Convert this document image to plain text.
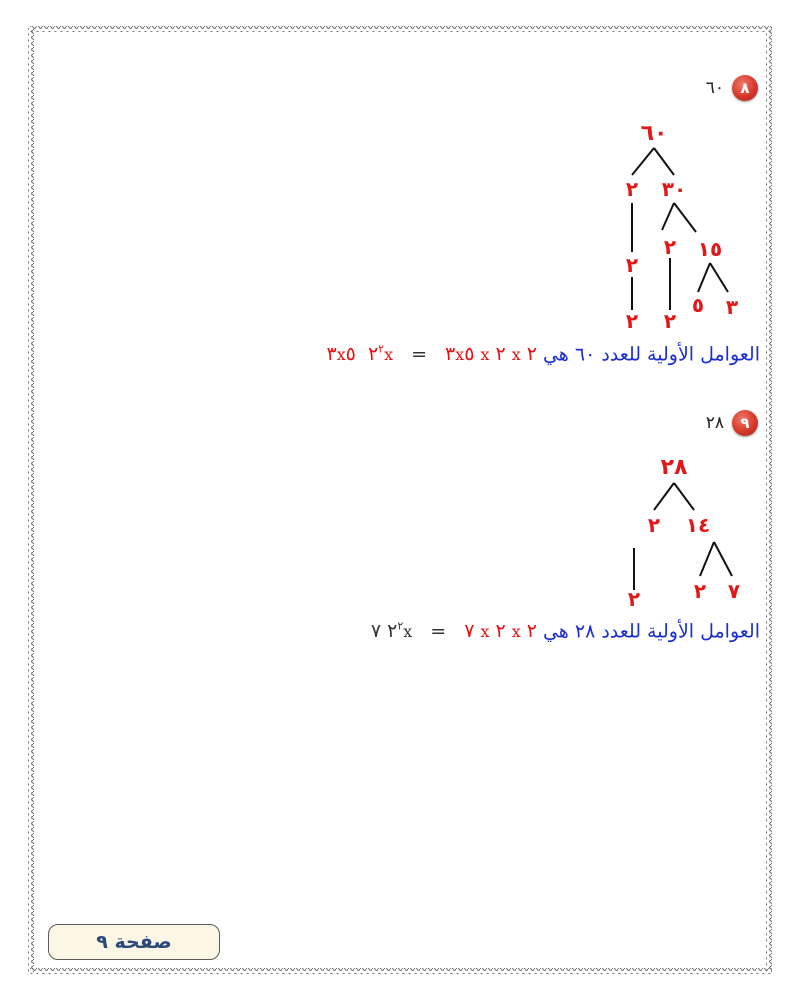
٨
٦٠
٦٠
٢ ٣٠
٢
٢ ١٥
٢ ٢
٥ ٣
العوامل الأولية للعدد ٦٠ هي ٢ x ٢ x ٣x٥ = $٢^٢x$  ٣x٥
٩
٢٨
٢٨
٢ ١٤
٢	٢ ٧
العوامل الأولية للعدد ٢٨ هي ٢ x ٢ x ٧ = $٢^٢x$ ٧
صفحة ٩
